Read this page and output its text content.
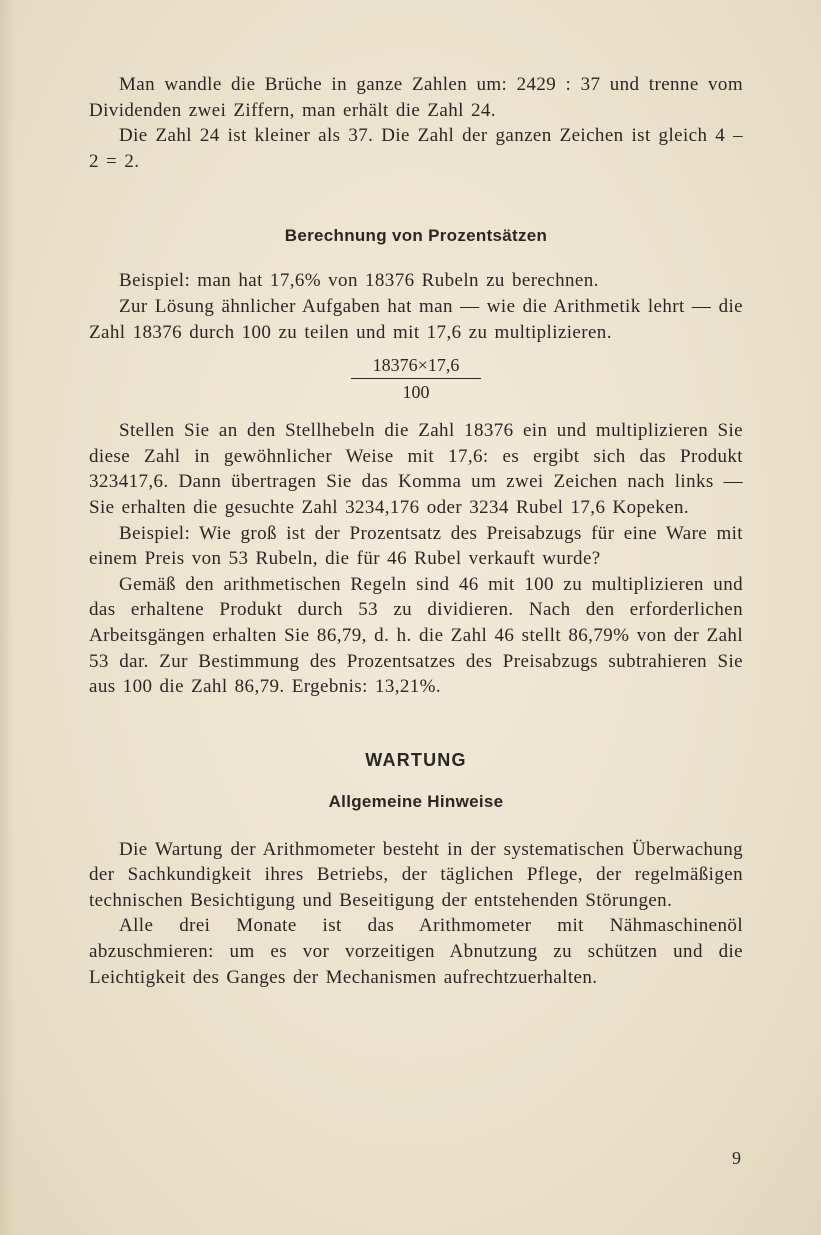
Man wandle die Brüche in ganze Zahlen um: 2429 : 37 und trenne vom Dividenden zwei Ziffern, man erhält die Zahl 24.

Die Zahl 24 ist kleiner als 37. Die Zahl der ganzen Zeichen ist gleich 4 – 2 = 2.

Berechnung von Prozentsätzen

Beispiel: man hat 17,6% von 18376 Rubeln zu berechnen.

Zur Lösung ähnlicher Aufgaben hat man — wie die Arithmetik lehrt — die Zahl 18376 durch 100 zu teilen und mit 17,6 zu multiplizieren.

18376×17,6
100

Stellen Sie an den Stellhebeln die Zahl 18376 ein und multiplizieren Sie diese Zahl in gewöhnlicher Weise mit 17,6: es ergibt sich das Produkt 323417,6. Dann übertragen Sie das Komma um zwei Zeichen nach links — Sie erhalten die gesuchte Zahl 3234,176 oder 3234 Rubel 17,6 Kopeken.

Beispiel: Wie groß ist der Prozentsatz des Preisabzugs für eine Ware mit einem Preis von 53 Rubeln, die für 46 Rubel verkauft wurde?

Gemäß den arithmetischen Regeln sind 46 mit 100 zu multiplizieren und das erhaltene Produkt durch 53 zu dividieren. Nach den erforderlichen Arbeitsgängen erhalten Sie 86,79, d. h. die Zahl 46 stellt 86,79% von der Zahl 53 dar. Zur Bestimmung des Prozentsatzes des Preisabzugs subtrahieren Sie aus 100 die Zahl 86,79. Ergebnis: 13,21%.

WARTUNG
Allgemeine Hinweise

Die Wartung der Arithmometer besteht in der systematischen Überwachung der Sachkundigkeit ihres Betriebs, der täglichen Pflege, der regelmäßigen technischen Besichtigung und Beseitigung der entstehenden Störungen.

Alle drei Monate ist das Arithmometer mit Nähmaschinenöl abzuschmieren: um es vor vorzeitigen Abnutzung zu schützen und die Leichtigkeit des Ganges der Mechanismen aufrechtzuerhalten.

9
